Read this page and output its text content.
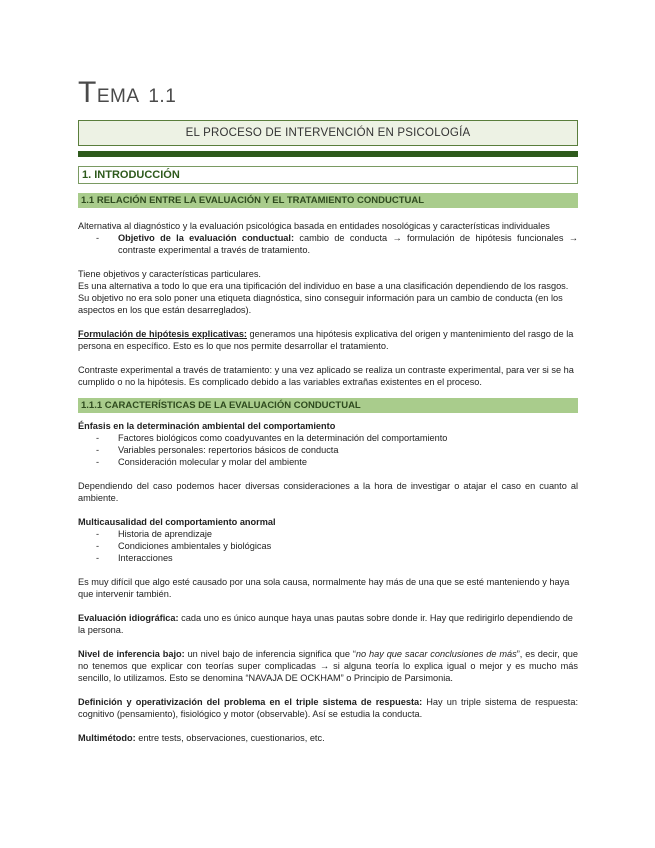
TEMA 1.1
EL PROCESO DE INTERVENCIÓN EN PSICOLOGÍA
1. INTRODUCCIÓN
1.1 RELACIÓN ENTRE LA EVALUACIÓN Y EL TRATAMIENTO CONDUCTUAL

Alternativa al diagnóstico y la evaluación psicológica basada en entidades nosológicas y características individuales

- Objetivo de la evaluación conductual: cambio de conducta → formulación de hipótesis funcionales → contraste experimental a través de tratamiento.

Tiene objetivos y características particulares.

Es una alternativa a todo lo que era una tipificación del individuo en base a una clasificación dependiendo de los rasgos.

Su objetivo no era solo poner una etiqueta diagnóstica, sino conseguir información para un cambio de conducta (en los aspectos en los que están desarreglados).

Formulación de hipótesis explicativas: generamos una hipótesis explicativa del origen y mantenimiento del rasgo de la persona en específico. Esto es lo que nos permite desarrollar el tratamiento.

Contraste experimental a través de tratamiento: y una vez aplicado se realiza un contraste experimental, para ver si se ha cumplido o no la hipótesis. Es complicado debido a las variables extrañas existentes en el proceso.

1.1.1 CARACTERÍSTICAS DE LA EVALUACIÓN CONDUCTUAL

Énfasis en la determinación ambiental del comportamiento

- Factores biológicos como coadyuvantes en la determinación del comportamiento
- Variables personales: repertorios básicos de conducta
- Consideración molecular y molar del ambiente

Dependiendo del caso podemos hacer diversas consideraciones a la hora de investigar o atajar el caso en cuanto al ambiente.

Multicausalidad del comportamiento anormal

- Historia de aprendizaje
- Condiciones ambientales y biológicas
- Interacciones

Es muy difícil que algo esté causado por una sola causa, normalmente hay más de una que se esté manteniendo y haya que intervenir también.

Evaluación idiográfica: cada uno es único aunque haya unas pautas sobre donde ir. Hay que redirigirlo dependiendo de la persona.

Nivel de inferencia bajo: un nivel bajo de inferencia significa que “no hay que sacar conclusiones de más”, es decir, que no tenemos que explicar con teorías super complicadas → si alguna teoría lo explica igual o mejor y es mucho más sencillo, lo utilizamos. Esto se denomina “NAVAJA DE OCKHAM” o Principio de Parsimonia.

Definición y operativización del problema en el triple sistema de respuesta: Hay un triple sistema de respuesta: cognitivo (pensamiento), fisiológico y motor (observable). Así se estudia la conducta.

Multimétodo: entre tests, observaciones, cuestionarios, etc.
